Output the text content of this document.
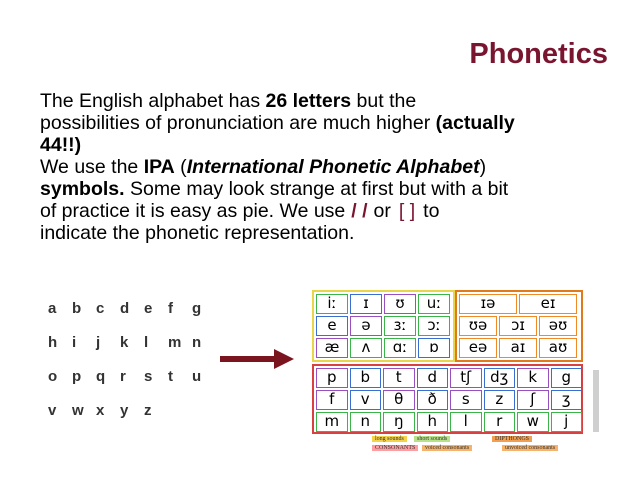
Phonetics
The English alphabet has 26 letters but the
possibilities of pronunciation are much higher (actually
44!!)
We use the IPA (International Phonetic Alphabet)
symbols. Some may look strange at first but with a bit
of practice it is easy as pie. We use / / or [ ] to
indicate the phonetic representation.
a	b c	d e	f	g
h i	j	k	l	m n
o p q r	s	t	u
v	w x	y	z
iː	ɪ	ʊ	uː
e	ə	ɜː	ɔː
æ	ʌ	ɑː	ɒ
ɪə	eɪ
ʊə	ɔɪ	əʊ
eə	aɪ	aʊ
p	b	t	d	tʃ	dʒ	k	g
f	v	θ	ð	s	z	ʃ	ʒ
m	n	ŋ	h	l	r	w	j
long sounds	short sounds	DIPTHONGS
CONSONANTS	voiced consonants	unvoiced consonants
